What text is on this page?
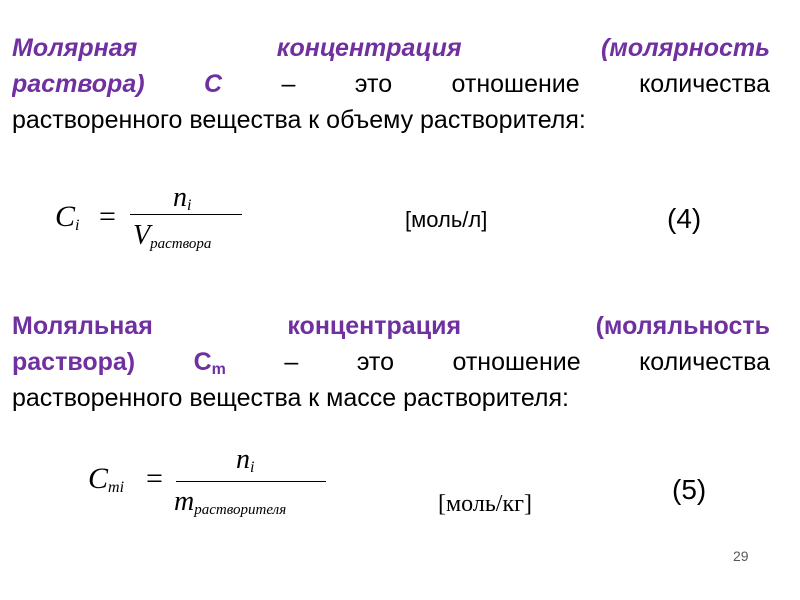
Молярная	концентрация	(молярность
раствора) С – это отношение количества
растворенного вещества к объему растворителя:
$C_i$ =
$n_i$
$V_{раствора}$
[моль/л]	(4)
Моляльная	концентрация	(моляльность
раствора) $С_m$ – это отношение количества
растворенного вещества к массе растворителя:
$C_{mi}$ =
$n_i$
$m_{растворителя}$	[моль/кг]	(5)
29
